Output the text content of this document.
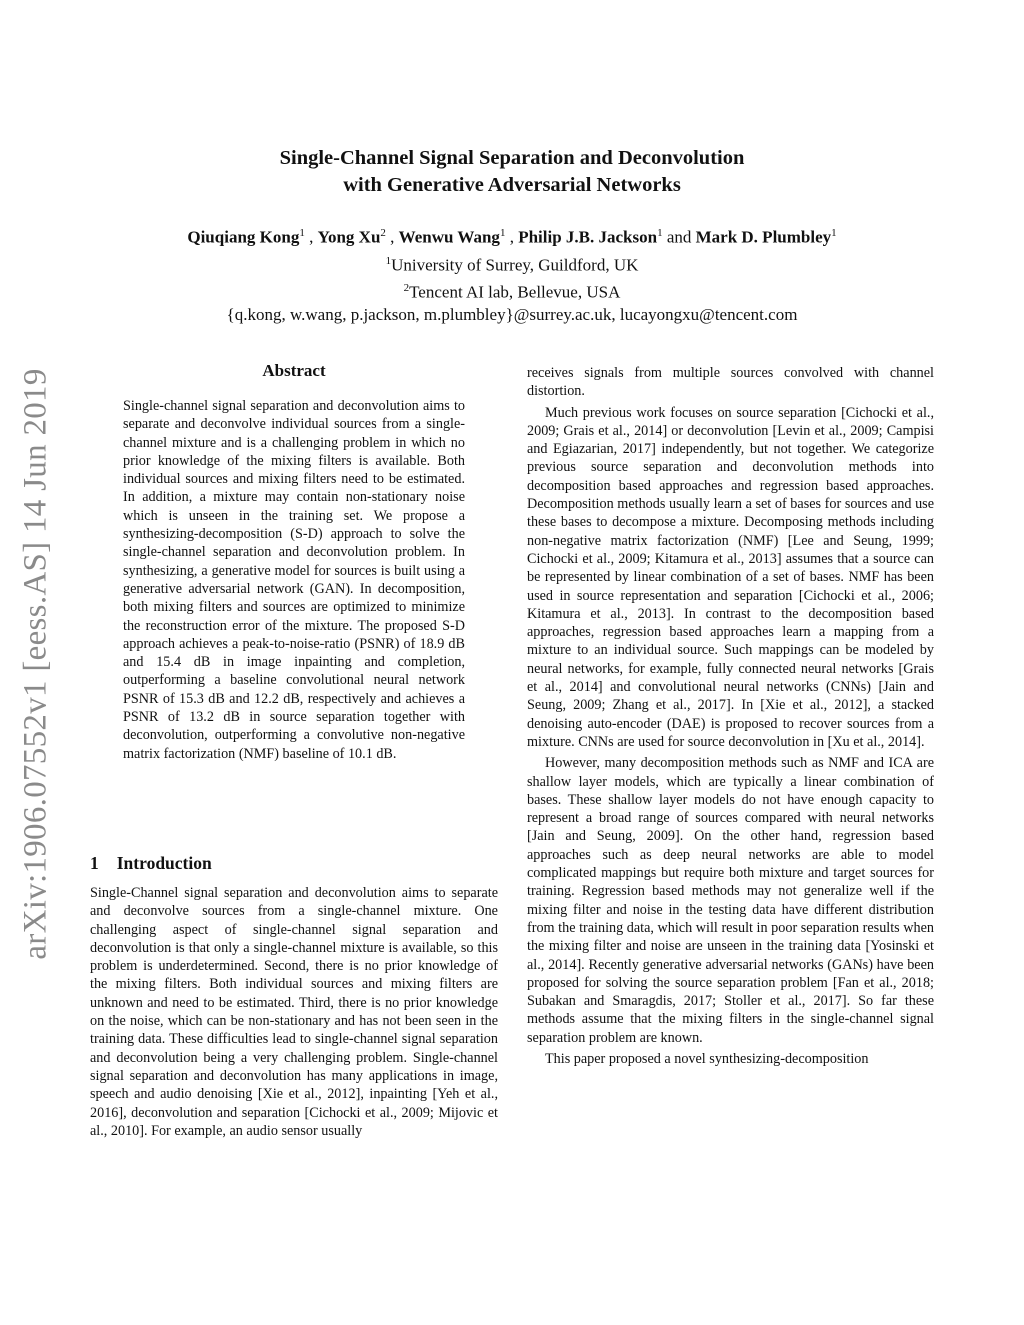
arXiv:1906.07552v1 [eess.AS] 14 Jun 2019
Single-Channel Signal Separation and Deconvolution
with Generative Adversarial Networks
Qiuqiang Kong$^1$ , Yong Xu$^2$ , Wenwu Wang$^1$ , Philip J.B. Jackson$^1$ and Mark D. Plumbley$^1$
$^1$University of Surrey, Guildford, UK
$^2$Tencent AI lab, Bellevue, USA
{q.kong, w.wang, p.jackson, m.plumbley}@surrey.ac.uk, lucayongxu@tencent.com
Abstract

Single-channel signal separation and deconvolution aims to separate and deconvolve individual sources from a single-channel mixture and is a challenging problem in which no prior knowledge of the mixing filters is available. Both individual sources and mixing filters need to be estimated. In addition, a mixture may contain non-stationary noise which is unseen in the training set. We propose a synthesizing-decomposition (S-D) approach to solve the single-channel separation and deconvolution problem. In synthesizing, a generative model for sources is built using a generative adversarial network (GAN). In decomposition, both mixing filters and sources are optimized to minimize the reconstruction error of the mixture. The proposed S-D approach achieves a peak-to-noise-ratio (PSNR) of 18.9 dB and 15.4 dB in image inpainting and completion, outperforming a baseline convolutional neural network PSNR of 15.3 dB and 12.2 dB, respectively and achieves a PSNR of 13.2 dB in source separation together with deconvolution, outperforming a convolutive non-negative matrix factorization (NMF) baseline of 10.1 dB.

1 Introduction

Single-Channel signal separation and deconvolution aims to separate and deconvolve sources from a single-channel mixture. One challenging aspect of single-channel signal separation and deconvolution is that only a single-channel mixture is available, so this problem is underdetermined. Second, there is no prior knowledge of the mixing filters. Both individual sources and mixing filters are unknown and need to be estimated. Third, there is no prior knowledge on the noise, which can be non-stationary and has not been seen in the training data. These difficulties lead to single-channel signal separation and deconvolution being a very challenging problem. Single-channel signal separation and deconvolution has many applications in image, speech and audio denoising [Xie et al., 2012], inpainting [Yeh et al., 2016], deconvolution and separation [Cichocki et al., 2009; Mijovic et al., 2010]. For example, an audio sensor usually

receives signals from multiple sources convolved with channel distortion.

Much previous work focuses on source separation [Cichocki et al., 2009; Grais et al., 2014] or deconvolution [Levin et al., 2009; Campisi and Egiazarian, 2017] independently, but not together. We categorize previous source separation and deconvolution methods into decomposition based approaches and regression based approaches. Decomposition methods usually learn a set of bases for sources and use these bases to decompose a mixture. Decomposing methods including non-negative matrix factorization (NMF) [Lee and Seung, 1999; Cichocki et al., 2009; Kitamura et al., 2013] assumes that a source can be represented by linear combination of a set of bases. NMF has been used in source representation and separation [Cichocki et al., 2006; Kitamura et al., 2013]. In contrast to the decomposition based approaches, regression based approaches learn a mapping from a mixture to an individual source. Such mappings can be modeled by neural networks, for example, fully connected neural networks [Grais et al., 2014] and convolutional neural networks (CNNs) [Jain and Seung, 2009; Zhang et al., 2017]. In [Xie et al., 2012], a stacked denoising auto-encoder (DAE) is proposed to recover sources from a mixture. CNNs are used for source deconvolution in [Xu et al., 2014].

However, many decomposition methods such as NMF and ICA are shallow layer models, which are typically a linear combination of bases. These shallow layer models do not have enough capacity to represent a broad range of sources compared with neural networks [Jain and Seung, 2009]. On the other hand, regression based approaches such as deep neural networks are able to model complicated mappings but require both mixture and target sources for training. Regression based methods may not generalize well if the mixing filter and noise in the testing data have different distribution from the training data, which will result in poor separation results when the mixing filter and noise are unseen in the training data [Yosinski et al., 2014]. Recently generative adversarial networks (GANs) have been proposed for solving the source separation problem [Fan et al., 2018; Subakan and Smaragdis, 2017; Stoller et al., 2017]. So far these methods assume that the mixing filters in the single-channel signal separation problem are known.

This paper proposed a novel synthesizing-decomposition
